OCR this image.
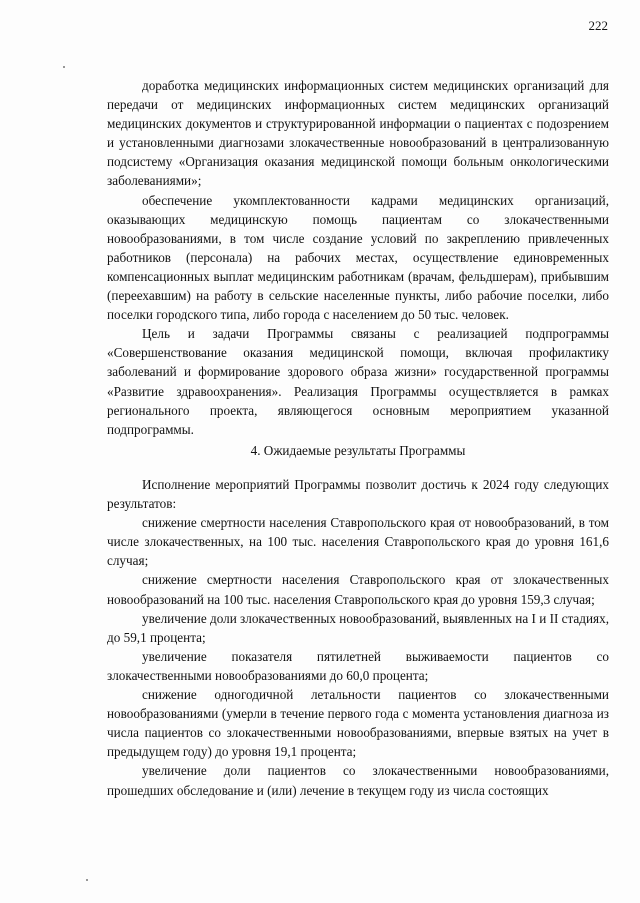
222

доработка медицинских информационных систем медицинских организаций для передачи от медицинских информационных систем медицинских организаций медицинских документов и структурированной информации о пациентах с подозрением и установленными диагнозами злокачественные новообразований в централизованную подсистему «Организация оказания медицинской помощи больным онкологическими заболеваниями»;

обеспечение укомплектованности кадрами медицинских организаций, оказывающих медицинскую помощь пациентам со злокачественными новообразованиями, в том числе создание условий по закреплению привлеченных работников (персонала) на рабочих местах, осуществление единовременных компенсационных выплат медицинским работникам (врачам, фельдшерам), прибывшим (переехавшим) на работу в сельские населенные пункты, либо рабочие поселки, либо поселки городского типа, либо города с населением до 50 тыс. человек.

Цель и задачи Программы связаны с реализацией подпрограммы «Совершенствование оказания медицинской помощи, включая профилактику заболеваний и формирование здорового образа жизни» государственной программы «Развитие здравоохранения». Реализация Программы осуществляется в рамках регионального проекта, являющегося основным мероприятием указанной подпрограммы.

4. Ожидаемые результаты Программы

Исполнение мероприятий Программы позволит достичь к 2024 году следующих результатов:

снижение смертности населения Ставропольского края от новообразований, в том числе злокачественных, на 100 тыс. населения Ставропольского края до уровня 161,6 случая;

снижение смертности населения Ставропольского края от злокачественных новообразований на 100 тыс. населения Ставропольского края до уровня 159,3 случая;

увеличение доли злокачественных новообразований, выявленных на I и II стадиях, до 59,1 процента;

увеличение показателя пятилетней выживаемости пациентов со злокачественными новообразованиями до 60,0 процента;

снижение одногодичной летальности пациентов со злокачественными новообразованиями (умерли в течение первого года с момента установления диагноза из числа пациентов со злокачественными новообразованиями, впервые взятых на учет в предыдущем году) до уровня 19,1 процента;

увеличение доли пациентов со злокачественными новообразованиями, прошедших обследование и (или) лечение в текущем году из числа состоящих
